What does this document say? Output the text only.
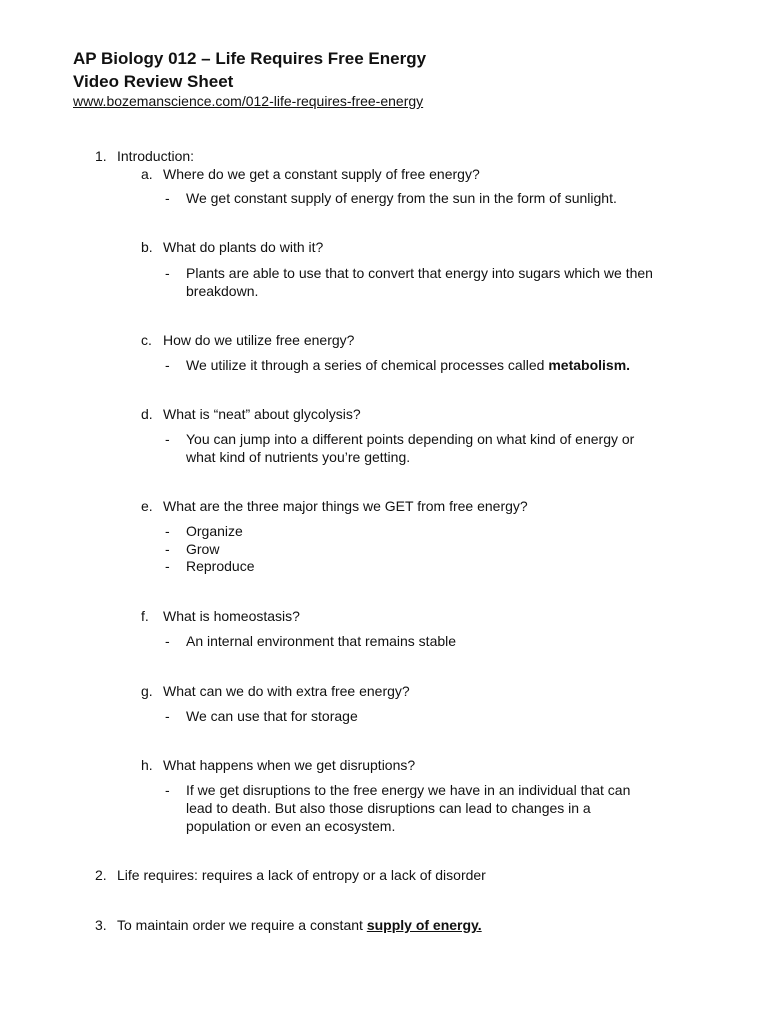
AP Biology 012 – Life Requires Free Energy
Video Review Sheet
www.bozemanscience.com/012-life-requires-free-energy
1. Introduction:
a. Where do we get a constant supply of free energy?
- We get constant supply of energy from the sun in the form of sunlight.
b. What do plants do with it?
- Plants are able to use that to convert that energy into sugars which we then
breakdown.
c. How do we utilize free energy?
- We utilize it through a series of chemical processes called metabolism.
d. What is “neat” about glycolysis?
- You can jump into a different points depending on what kind of energy or
what kind of nutrients you’re getting.
e. What are the three major things we GET from free energy?
- Organize
- Grow
- Reproduce
f. What is homeostasis?
- An internal environment that remains stable
g. What can we do with extra free energy?
- We can use that for storage
h. What happens when we get disruptions?
- If we get disruptions to the free energy we have in an individual that can
lead to death. But also those disruptions can lead to changes in a
population or even an ecosystem.
2. Life requires: requires a lack of entropy or a lack of disorder
3. To maintain order we require a constant supply of energy.
